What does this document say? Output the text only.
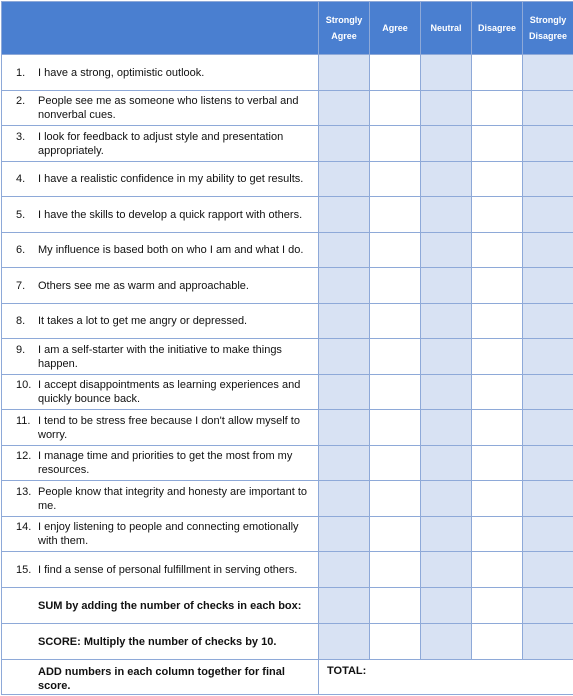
	Strongly Agree	Agree	Neutral	Disagree	Strongly Disagree

1. I have a strong, optimistic outlook.					

2. People see me as someone who listens to verbal and nonverbal cues.					

3. I look for feedback to adjust style and presentation appropriately.					

4. I have a realistic confidence in my ability to get results.					

5. I have the skills to develop a quick rapport with others.					

6. My influence is based both on who I am and what I do.					

7. Others see me as warm and approachable.					

8. It takes a lot to get me angry or depressed.					

9. I am a self-starter with the initiative to make things happen.					

10. I accept disappointments as learning experiences and quickly bounce back.					

11. I tend to be stress free because I don't allow myself to worry.					

12. I manage time and priorities to get the most from my resources.					

13. People know that integrity and honesty are important to me.					

14. I enjoy listening to people and connecting emotionally with them.					

15. I find a sense of personal fulfillment in serving others.					

SUM by adding the number of checks in each box:					

SCORE: Multiply the number of checks by 10.					

ADD numbers in each column together for final score.	TOTAL:				
